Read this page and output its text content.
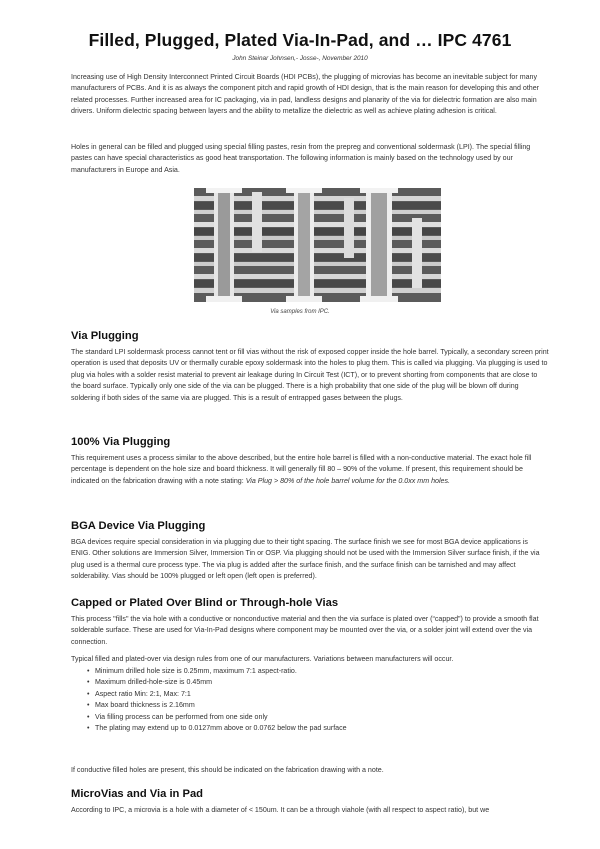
Filled, Plugged, Plated Via-In-Pad, and … IPC 4761
John Steinar Johnsen,- Josse-, November 2010

Increasing use of High Density Interconnect Printed Circuit Boards (HDI PCBs), the plugging of microvias has become an inevitable subject for many manufacturers of PCBs. And it is as always the component pitch and rapid growth of HDI design, that is the main reason for developing this and other related processes. Further increased area for IC packaging, via in pad, landless designs and planarity of the via for dielectric formation are also main drivers. Uniform dielectric spacing between layers and the ability to metallize the dielectric as well as achieve plating adhesion is critical.

Holes in general can be filled and plugged using special filling pastes, resin from the prepreg and conventional soldermask (LPI). The special filling pastes can have special characteristics as good heat transportation. The following information is mainly based on the technology used by our manufacturers in Europe and Asia.

Via samples from IPC.
Via Plugging

The standard LPI soldermask process cannot tent or fill vias without the risk of exposed copper inside the hole barrel. Typically, a secondary screen print operation is used that deposits UV or thermally curable epoxy soldermask into the holes to plug them. This is called via plugging. Via plugging is used to plug via holes with a solder resist material to prevent air leakage during In Circuit Test (ICT), or to prevent shorting from components that are close to the board surface. Typically only one side of the via can be plugged. There is a high probability that one side of the plug will be blown off during soldering if both sides of the same via are plugged. This is a result of entrapped gases between the plugs.

100% Via Plugging

This requirement uses a process similar to the above described, but the entire hole barrel is filled with a non-conductive material. The exact hole fill percentage is dependent on the hole size and board thickness. It will generally fill 80 – 90% of the volume. If present, this requirement should be indicated on the fabrication drawing with a note stating: Via Plug > 80% of the hole barrel volume for the 0.0xx mm holes.

BGA Device Via Plugging

BGA devices require special consideration in via plugging due to their tight spacing. The surface finish we see for most BGA device applications is ENIG. Other solutions are Immersion Silver, Immersion Tin or OSP. Via plugging should not be used with the Immersion Silver surface finish, if the via plug used is a thermal cure process type. The via plug is added after the surface finish, and the surface finish can be tarnished and may affect solderability. Vias should be 100% plugged or left open (left open is preferred).

Capped or Plated Over Blind or Through-hole Vias

This process "fills" the via hole with a conductive or nonconductive material and then the via surface is plated over (“capped”) to provide a smooth flat solderable surface. These are used for Via-In-Pad designs where component may be mounted over the via, or a solder joint will extend over the via connection.

Typical filled and plated-over via design rules from one of our manufacturers. Variations between manufacturers will occur.

• Minimum drilled hole size is 0.25mm, maximum 7:1 aspect-ratio.
• Maximum drilled-hole-size is 0.45mm
• Aspect ratio Min: 2:1, Max: 7:1
• Max board thickness is 2.16mm
• Via filling process can be performed from one side only
• The plating may extend up to 0.0127mm above or 0.0762 below the pad surface

If conductive filled holes are present, this should be indicated on the fabrication drawing with a note.

MicroVias and Via in Pad

According to IPC, a microvia is a hole with a diameter of < 150um. It can be a through viahole (with all respect to aspect ratio), but we
